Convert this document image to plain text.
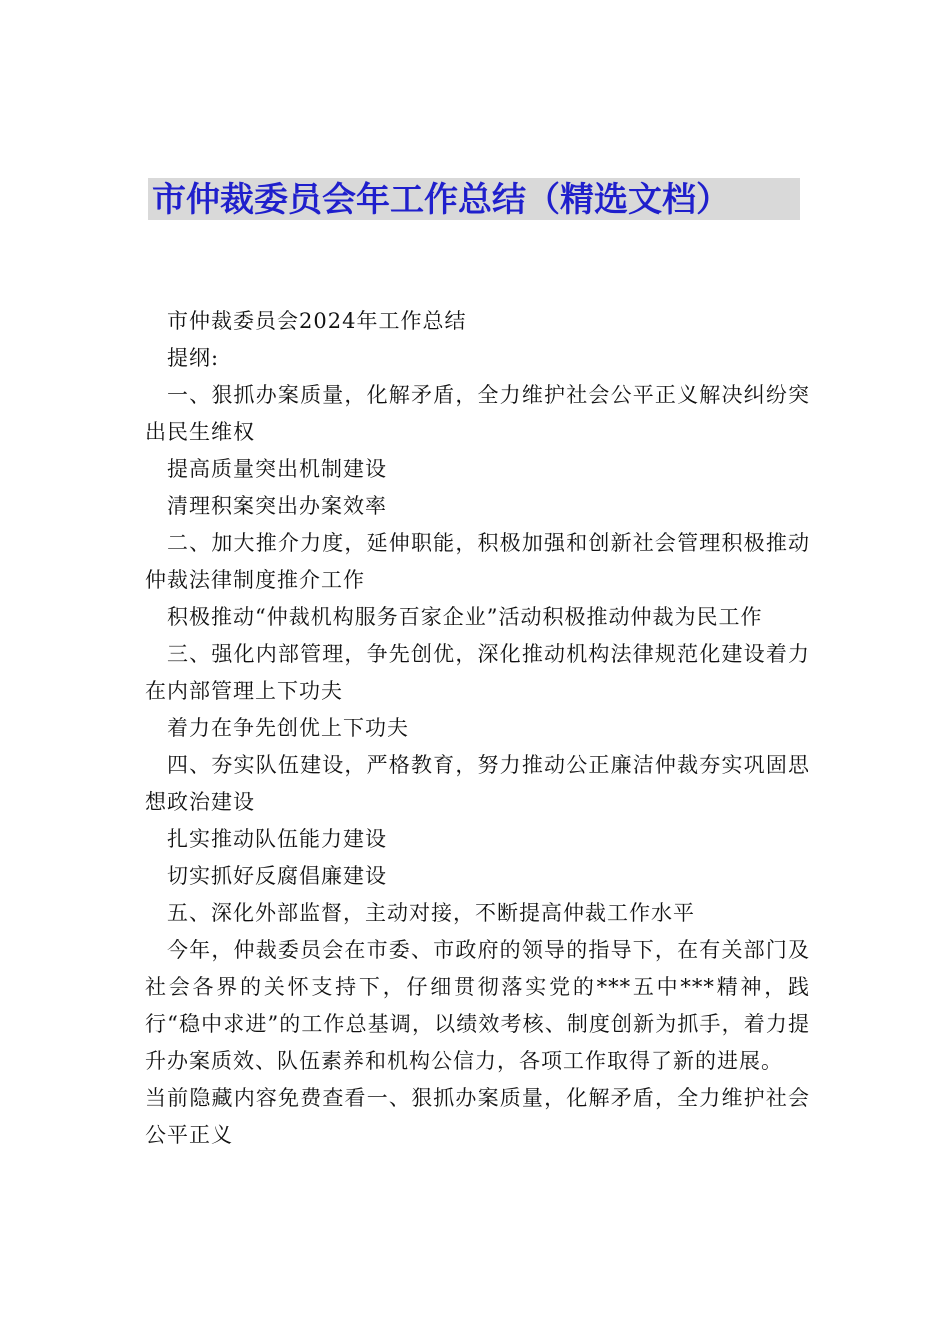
市仲裁委员会年工作总结（精选文档）

市仲裁委员会2024年工作总结

提纲:

一、狠抓办案质量，化解矛盾，全力维护社会公平正义解决纠纷突出民生维权

提高质量突出机制建设

清理积案突出办案效率

二、加大推介力度，延伸职能，积极加强和创新社会管理积极推动仲裁法律制度推介工作

积极推动“仲裁机构服务百家企业”活动积极推动仲裁为民工作

三、强化内部管理，争先创优，深化推动机构法律规范化建设着力在内部管理上下功夫

着力在争先创优上下功夫

四、夯实队伍建设，严格教育，努力推动公正廉洁仲裁夯实巩固思想政治建设

扎实推动队伍能力建设

切实抓好反腐倡廉建设

五、深化外部监督，主动对接，不断提高仲裁工作水平

今年，仲裁委员会在市委、市政府的领导的指导下，在有关部门及社会各界的关怀支持下，仔细贯彻落实党的***五中***精神，践行“稳中求进”的工作总基调，以绩效考核、制度创新为抓手，着力提升办案质效、队伍素养和机构公信力，各项工作取得了新的进展。

当前隐藏内容免费查看一、狠抓办案质量，化解矛盾，全力维护社会公平正义
